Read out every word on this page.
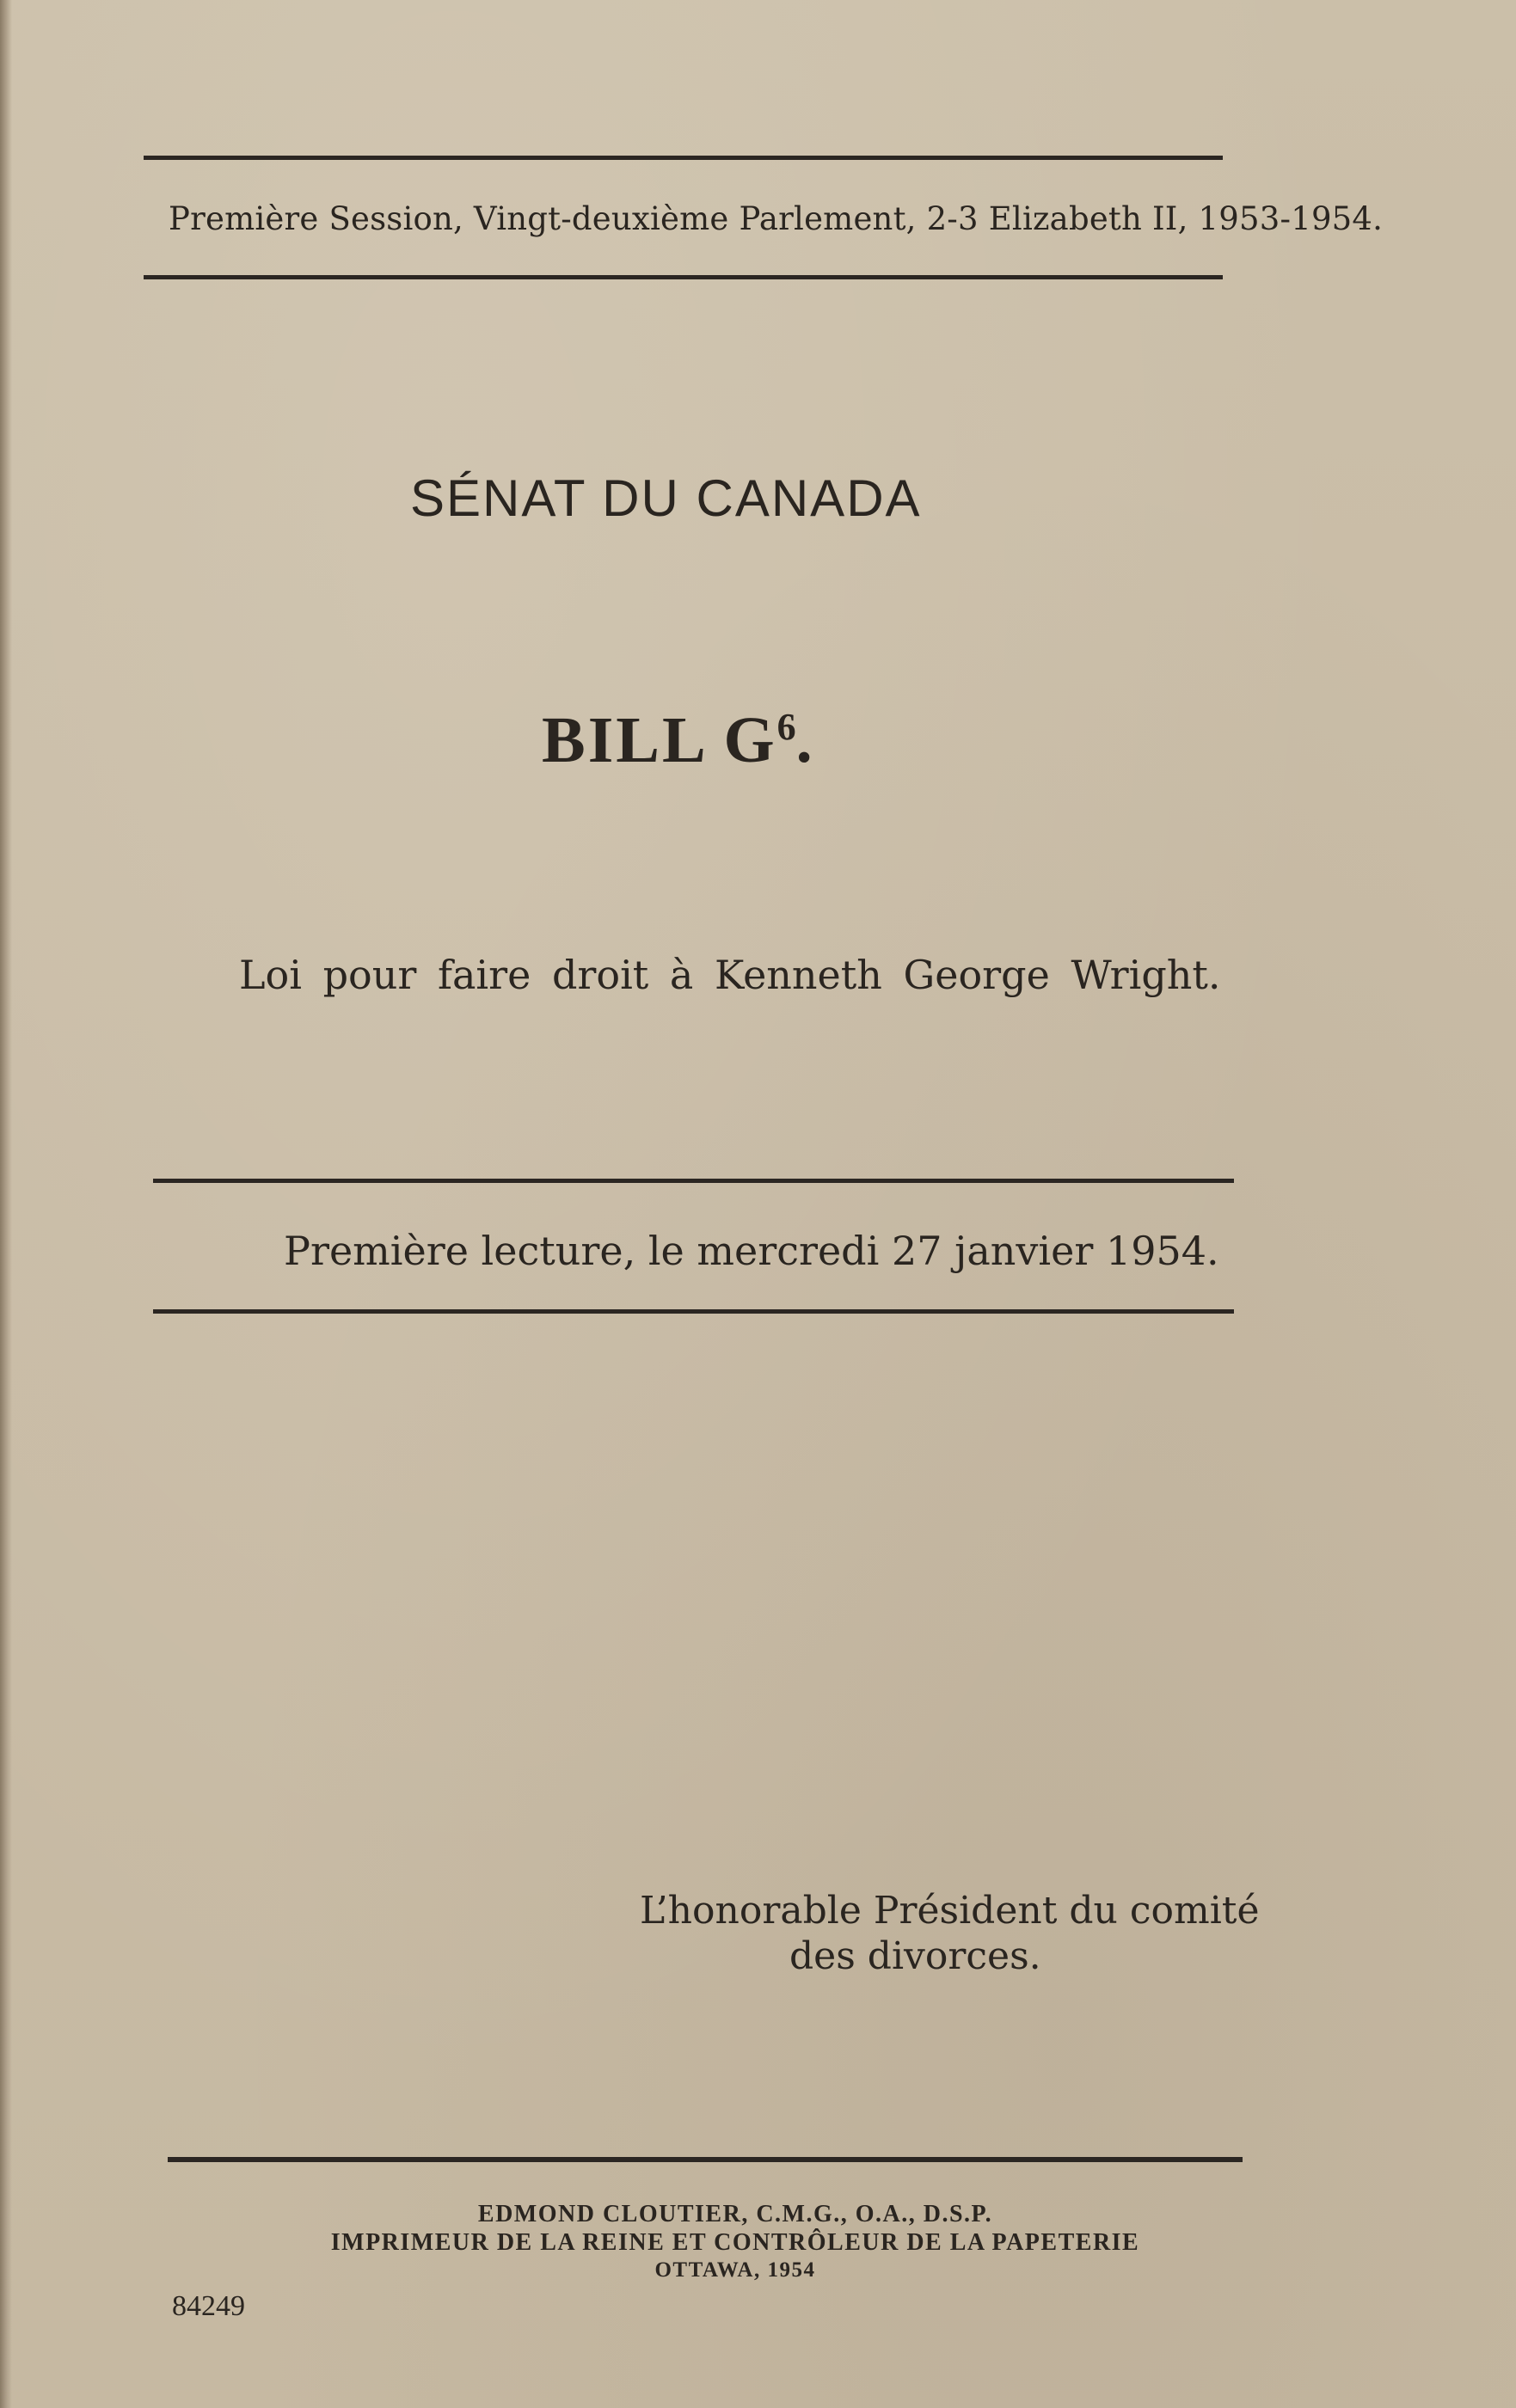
Première Session, Vingt-deuxième Parlement, 2-3 Elizabeth II, 1953-1954.
SÉNAT DU CANADA
BILL $G^6$.
Loi pour faire droit à Kenneth George Wright.
Première lecture, le mercredi 27 janvier 1954.
L’honorable Président du comité
des divorces.
EDMOND CLOUTIER, C.M.G., O.A., D.S.P.
IMPRIMEUR DE LA REINE ET CONTRÔLEUR DE LA PAPETERIE
OTTAWA, 1954
84249
